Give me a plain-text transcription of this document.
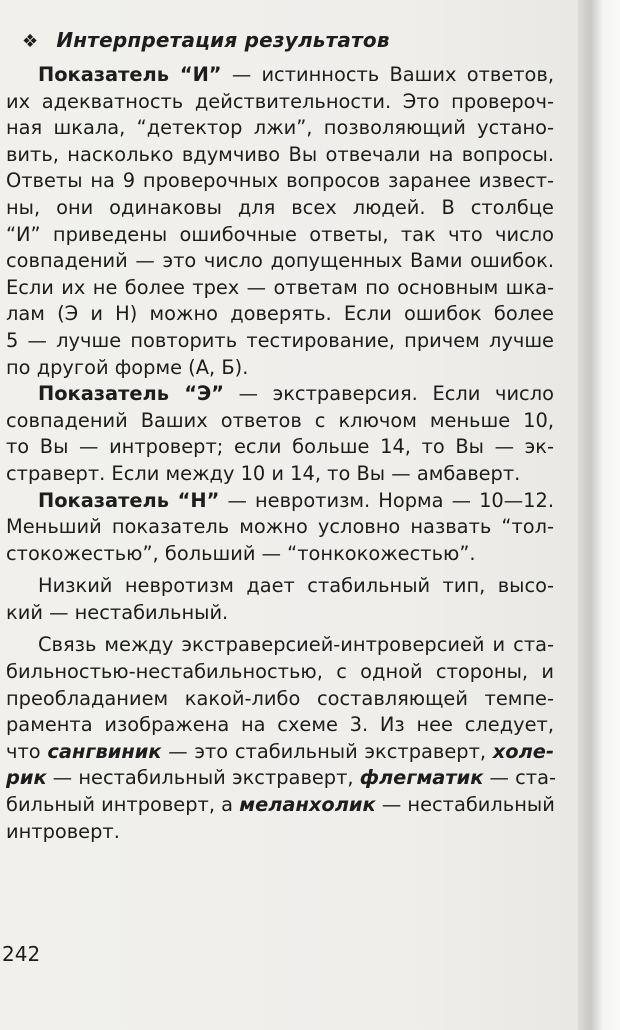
❖ Интерпретация результатов
Показатель “И” — истинность Ваших ответов,
их адекватность действительности. Это провероч-
ная шкала, “детектор лжи”, позволяющий устано-
вить, насколько вдумчиво Вы отвечали на вопросы.
Ответы на 9 проверочных вопросов заранее извест-
ны, они одинаковы для всех людей. В столбце
“И” приведены ошибочные ответы, так что число
совпадений — это число допущенных Вами ошибок.
Если их не более трех — ответам по основным шка-
лам (Э и Н) можно доверять. Если ошибок более
5 — лучше повторить тестирование, причем лучше
по другой форме (А, Б).
Показатель “Э” — экстраверсия. Если число
совпадений Ваших ответов с ключом меньше 10,
то Вы — интроверт; если больше 14, то Вы — эк-
страверт. Если между 10 и 14, то Вы — амбаверт.
Показатель “Н” — невротизм. Норма — 10—12.
Меньший показатель можно условно назвать “тол-
стокожестью”, больший — “тонкокожестью”.
Низкий невротизм дает стабильный тип, высо-
кий — нестабильный.
Связь между экстраверсией-интроверсией и ста-
бильностью-нестабильностью, с одной стороны, и
преобладанием какой-либо составляющей темпе-
рамента изображена на схеме 3. Из нее следует,
что сангвиник — это стабильный экстраверт, холе-
рик — нестабильный экстраверт, флегматик — ста-
бильный интроверт, а меланхолик — нестабильный
интроверт.
242
